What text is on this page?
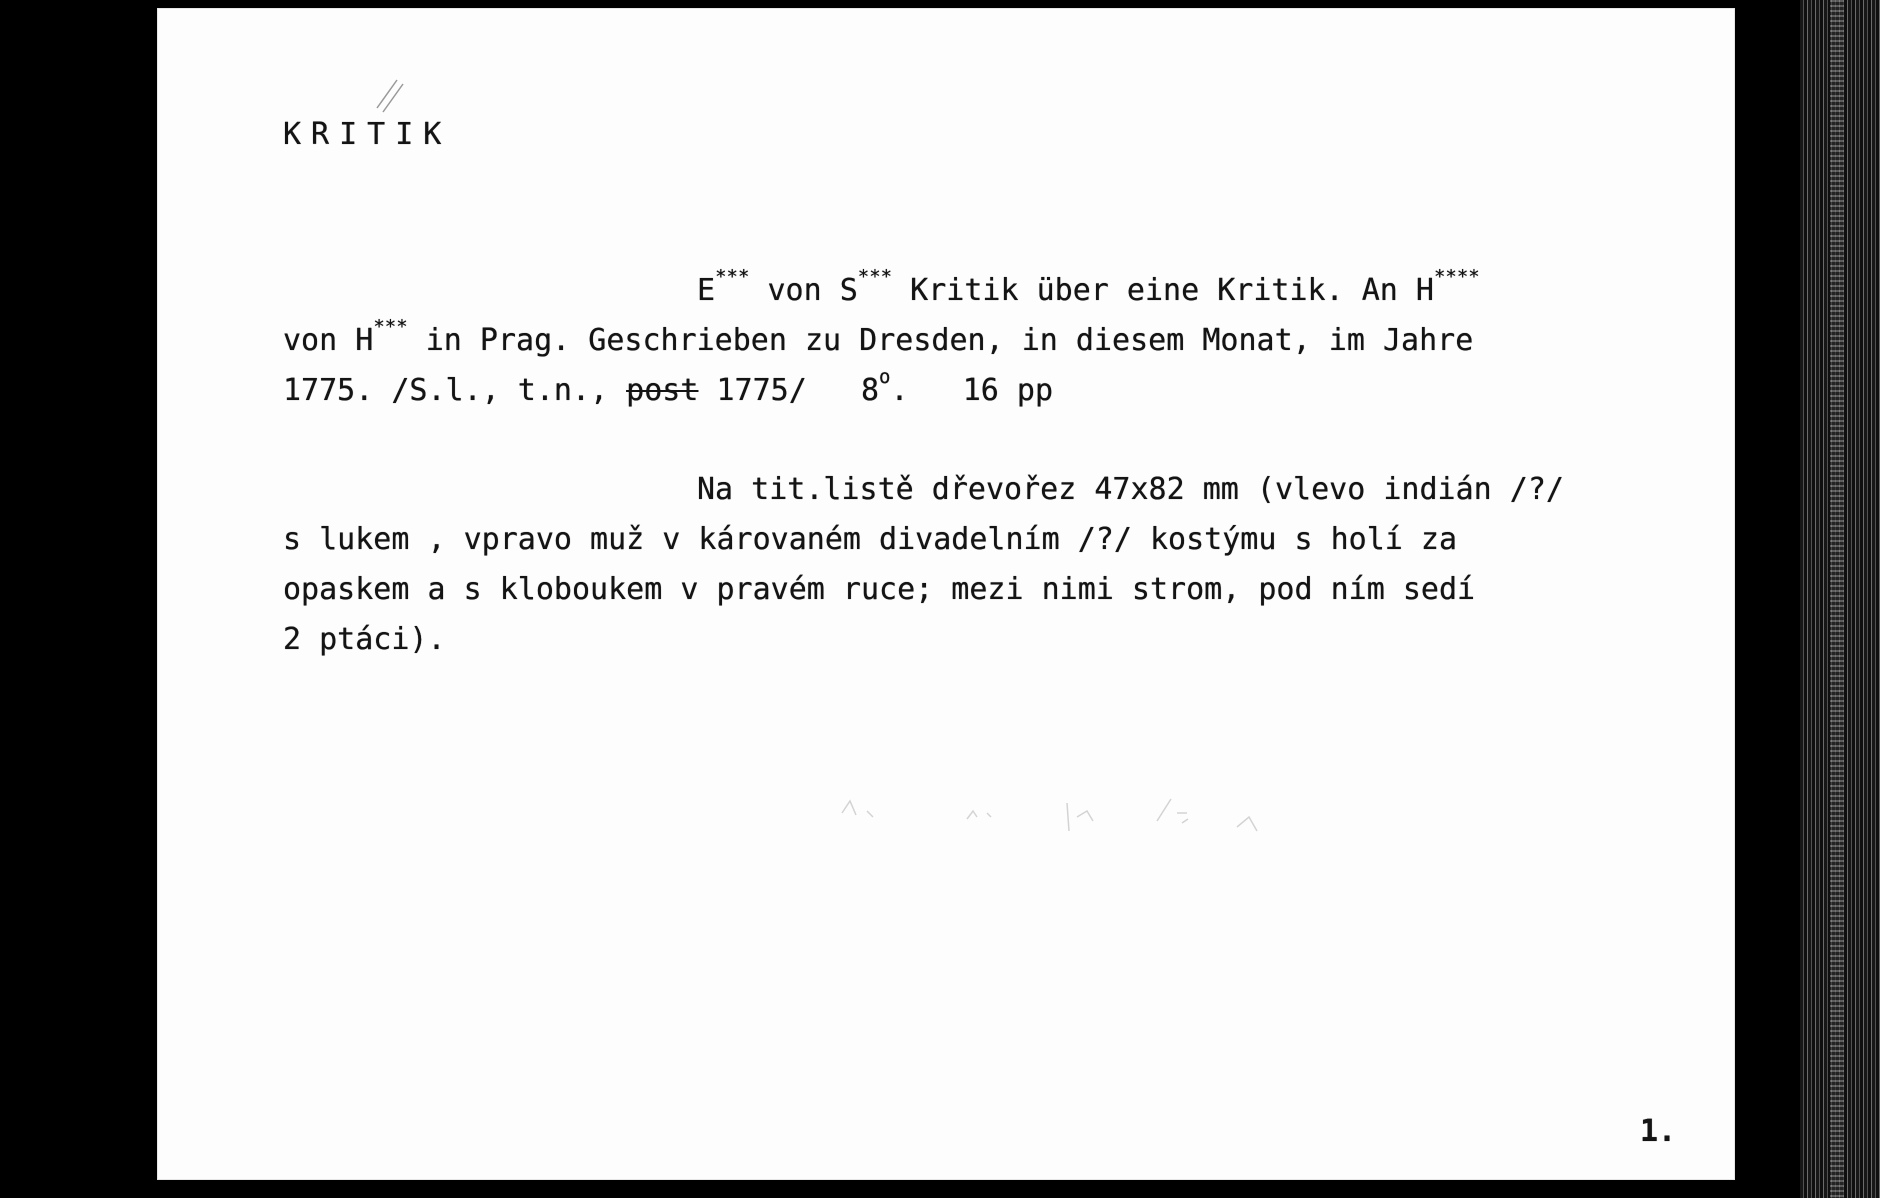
KRITIK
E*** von S*** Kritik über eine Kritik. An H****
von H*** in Prag. Geschrieben zu Dresden, in diesem Monat, im Jahre
1775. /S.l., t.n., post 1775/   8$^o$.   16 pp
Na tit.listě dřevořez 47x82 mm (vlevo indián /?/
s lukem , vpravo muž v károvaném divadelním /?/ kostýmu s holí za
opaskem a s kloboukem v pravém ruce; mezi nimi strom, pod ním sedí
2 ptáci).
1.
